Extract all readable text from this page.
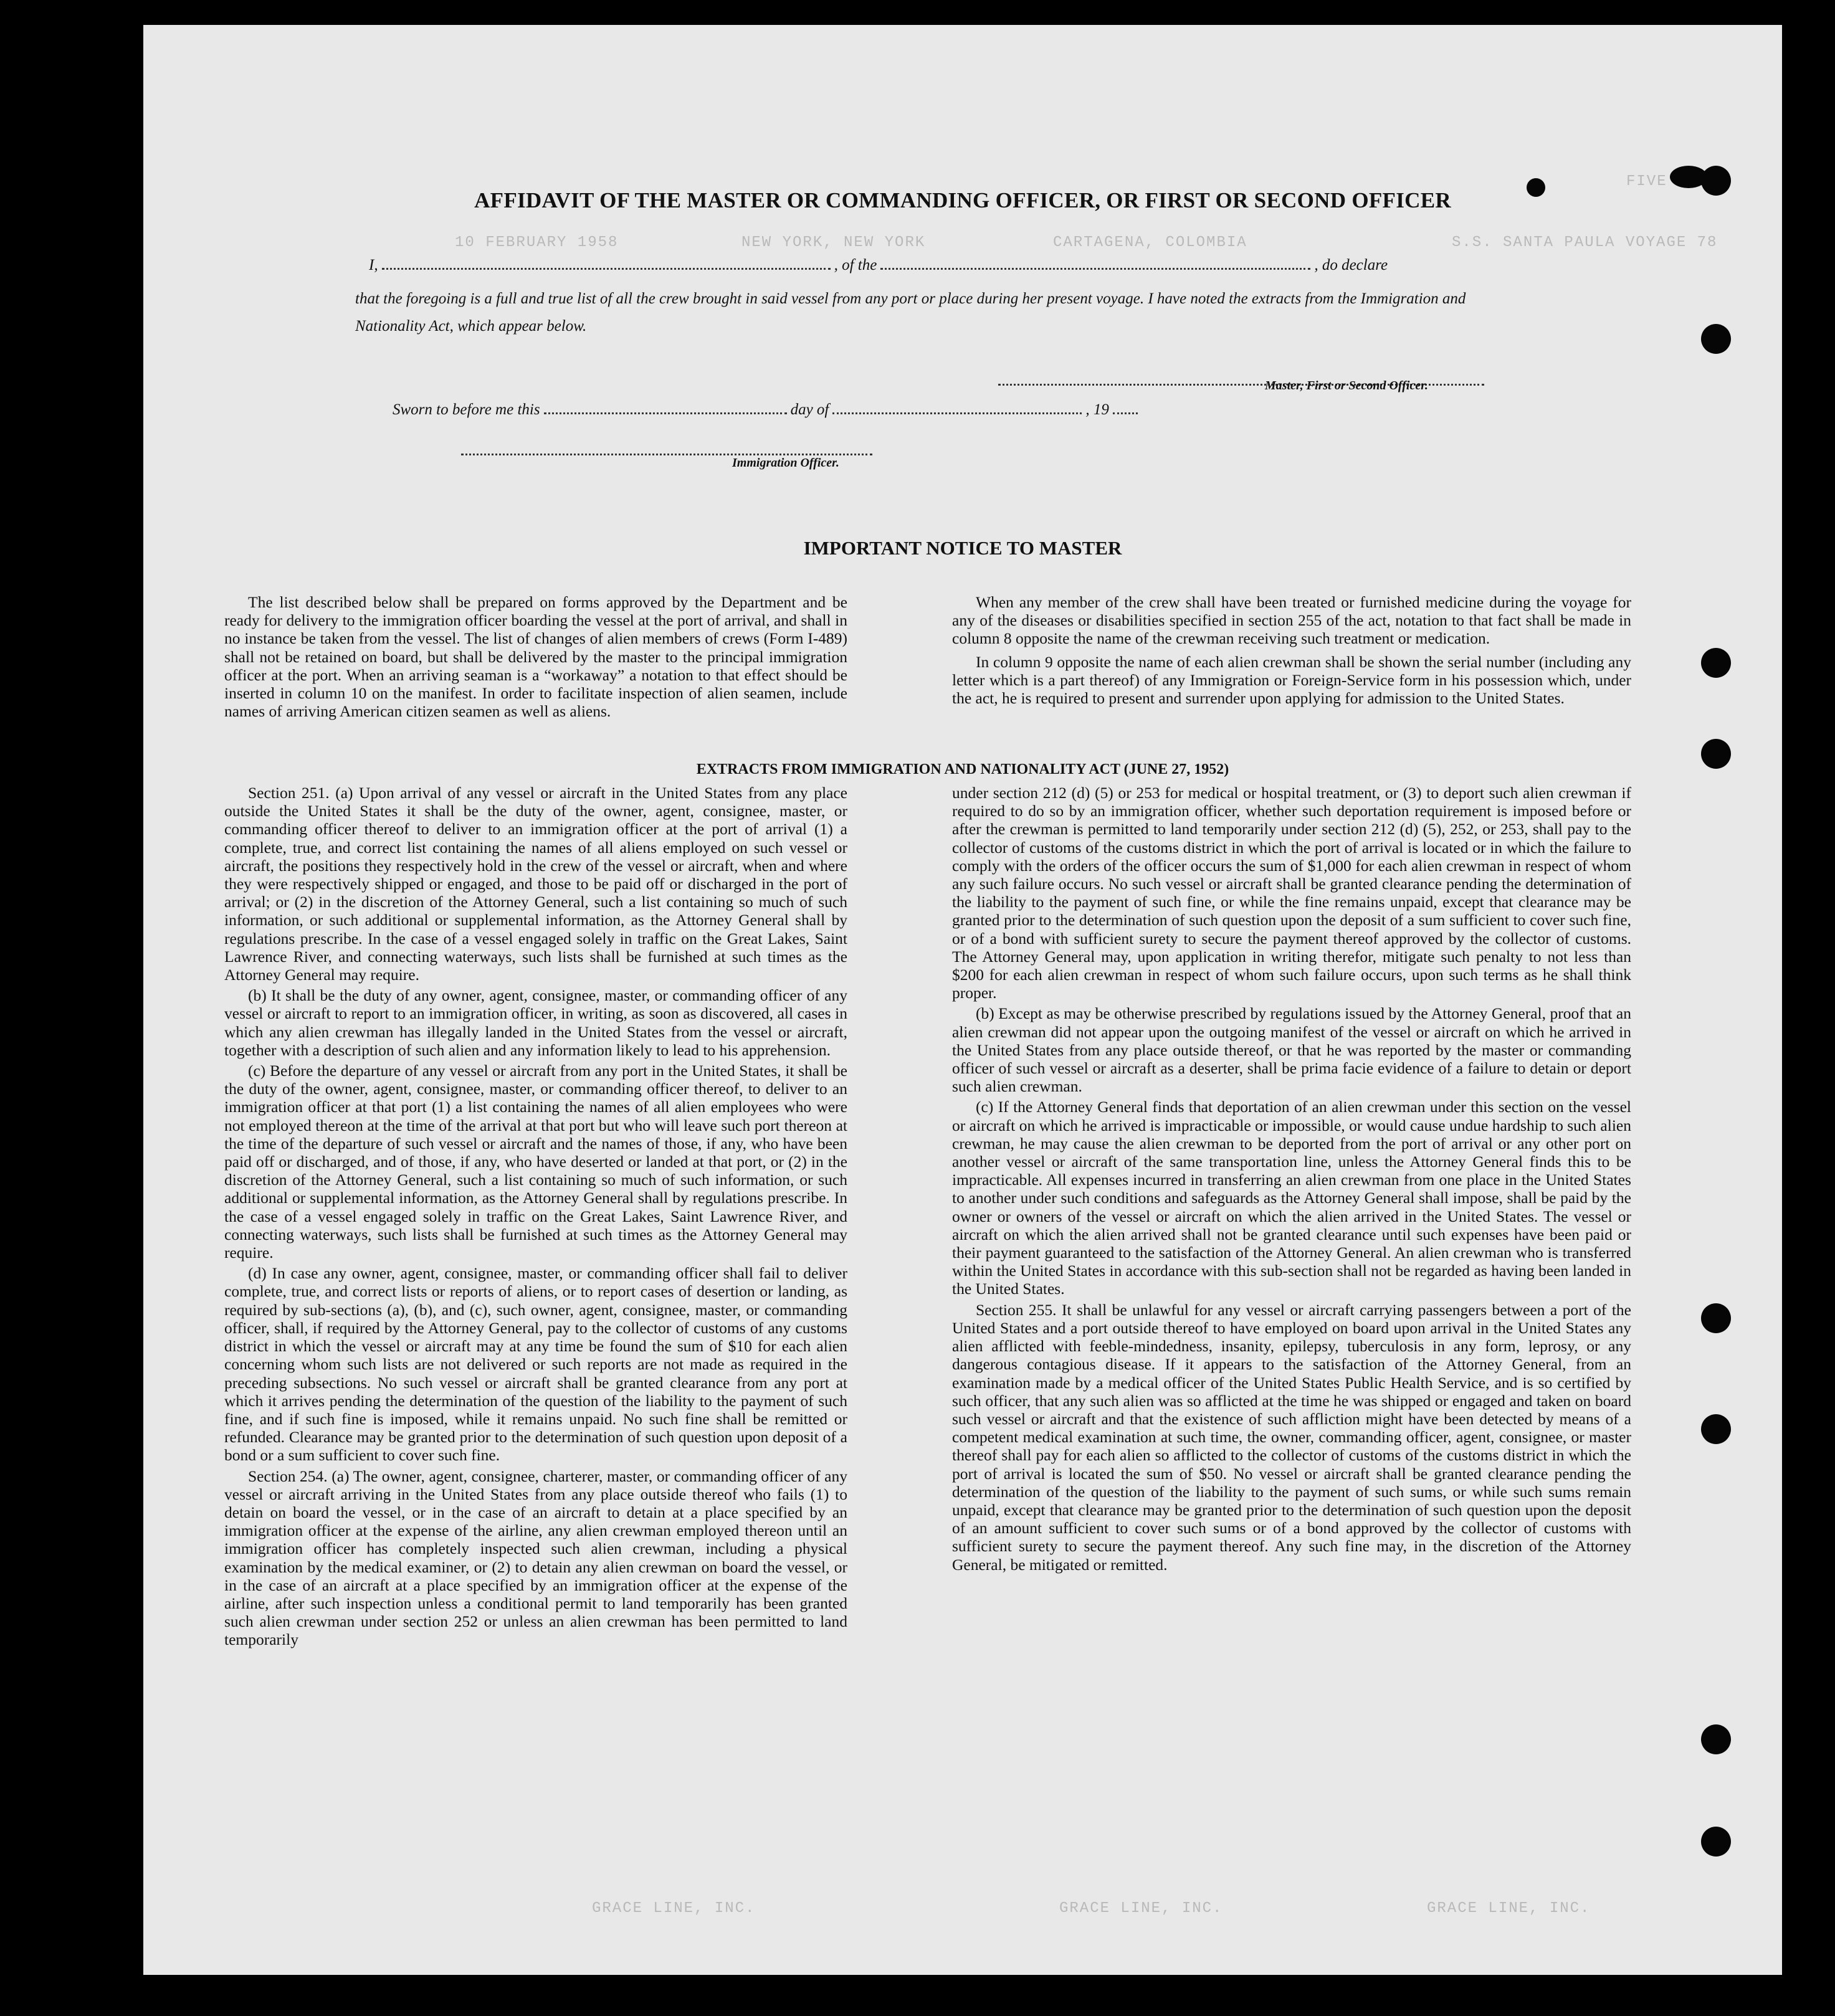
FIVE
S.S. SANTA PAULA VOYAGE 78
CARTAGENA, COLOMBIA
NEW YORK, NEW YORK
10 FEBRUARY 1958
GRACE LINE, INC.
GRACE LINE, INC.
GRACE LINE, INC.
AFFIDAVIT OF THE MASTER OR COMMANDING OFFICER, OR FIRST OR SECOND OFFICER
I,	, of the	, do declare
that the foregoing is a full and true list of all the crew brought in said vessel from any port or place during her present voyage. I have noted the extracts from the Immigration and Nationality Act, which appear below.
Master, First or Second Officer.
Sworn to before me this	day of	, 19
Immigration Officer.
IMPORTANT NOTICE TO MASTER

The list described below shall be prepared on forms approved by the Department and be ready for delivery to the immigration officer boarding the vessel at the port of arrival, and shall in no instance be taken from the vessel. The list of changes of alien members of crews (Form I-489) shall not be retained on board, but shall be delivered by the master to the principal immigration officer at the port. When an arriving seaman is a “workaway” a notation to that effect should be inserted in column 10 on the manifest. In order to facilitate inspection of alien seamen, include names of arriving American citizen seamen as well as aliens.

When any member of the crew shall have been treated or furnished medicine during the voyage for any of the diseases or disabilities specified in section 255 of the act, notation to that fact shall be made in column 8 opposite the name of the crewman receiving such treatment or medication.

In column 9 opposite the name of each alien crewman shall be shown the serial number (including any letter which is a part thereof) of any Immigration or Foreign-Service form in his possession which, under the act, he is required to present and surrender upon applying for admission to the United States.

EXTRACTS FROM IMMIGRATION AND NATIONALITY ACT (JUNE 27, 1952)

Section 251. (a) Upon arrival of any vessel or aircraft in the United States from any place outside the United States it shall be the duty of the owner, agent, consignee, master, or commanding officer thereof to deliver to an immigration officer at the port of arrival (1) a complete, true, and correct list containing the names of all aliens employed on such vessel or aircraft, the positions they respectively hold in the crew of the vessel or aircraft, when and where they were respectively shipped or engaged, and those to be paid off or discharged in the port of arrival; or (2) in the discretion of the Attorney General, such a list containing so much of such information, or such additional or supplemental information, as the Attorney General shall by regulations prescribe. In the case of a vessel engaged solely in traffic on the Great Lakes, Saint Lawrence River, and connecting waterways, such lists shall be furnished at such times as the Attorney General may require.

(b) It shall be the duty of any owner, agent, consignee, master, or commanding officer of any vessel or aircraft to report to an immigration officer, in writing, as soon as discovered, all cases in which any alien crewman has illegally landed in the United States from the vessel or aircraft, together with a description of such alien and any information likely to lead to his apprehension.

(c) Before the departure of any vessel or aircraft from any port in the United States, it shall be the duty of the owner, agent, consignee, master, or commanding officer thereof, to deliver to an immigration officer at that port (1) a list containing the names of all alien employees who were not employed thereon at the time of the arrival at that port but who will leave such port thereon at the time of the departure of such vessel or aircraft and the names of those, if any, who have been paid off or discharged, and of those, if any, who have deserted or landed at that port, or (2) in the discretion of the Attorney General, such a list containing so much of such information, or such additional or supplemental information, as the Attorney General shall by regulations prescribe. In the case of a vessel engaged solely in traffic on the Great Lakes, Saint Lawrence River, and connecting waterways, such lists shall be furnished at such times as the Attorney General may require.

(d) In case any owner, agent, consignee, master, or commanding officer shall fail to deliver complete, true, and correct lists or reports of aliens, or to report cases of desertion or landing, as required by sub-sections (a), (b), and (c), such owner, agent, consignee, master, or commanding officer, shall, if required by the Attorney General, pay to the collector of customs of any customs district in which the vessel or aircraft may at any time be found the sum of $10 for each alien concerning whom such lists are not delivered or such reports are not made as required in the preceding subsections. No such vessel or aircraft shall be granted clearance from any port at which it arrives pending the determination of the question of the liability to the payment of such fine, and if such fine is imposed, while it remains unpaid. No such fine shall be remitted or refunded. Clearance may be granted prior to the determination of such question upon deposit of a bond or a sum sufficient to cover such fine.

Section 254. (a) The owner, agent, consignee, charterer, master, or commanding officer of any vessel or aircraft arriving in the United States from any place outside thereof who fails (1) to detain on board the vessel, or in the case of an aircraft to detain at a place specified by an immigration officer at the expense of the airline, any alien crewman employed thereon until an immigration officer has completely inspected such alien crewman, including a physical examination by the medical examiner, or (2) to detain any alien crewman on board the vessel, or in the case of an aircraft at a place specified by an immigration officer at the expense of the airline, after such inspection unless a conditional permit to land temporarily has been granted such alien crewman under section 252 or unless an alien crewman has been permitted to land temporarily

under section 212 (d) (5) or 253 for medical or hospital treatment, or (3) to deport such alien crewman if required to do so by an immigration officer, whether such deportation requirement is imposed before or after the crewman is permitted to land temporarily under section 212 (d) (5), 252, or 253, shall pay to the collector of customs of the customs district in which the port of arrival is located or in which the failure to comply with the orders of the officer occurs the sum of $1,000 for each alien crewman in respect of whom any such failure occurs. No such vessel or aircraft shall be granted clearance pending the determination of the liability to the payment of such fine, or while the fine remains unpaid, except that clearance may be granted prior to the determination of such question upon the deposit of a sum sufficient to cover such fine, or of a bond with sufficient surety to secure the payment thereof approved by the collector of customs. The Attorney General may, upon application in writing therefor, mitigate such penalty to not less than $200 for each alien crewman in respect of whom such failure occurs, upon such terms as he shall think proper.

(b) Except as may be otherwise prescribed by regulations issued by the Attorney General, proof that an alien crewman did not appear upon the outgoing manifest of the vessel or aircraft on which he arrived in the United States from any place outside thereof, or that he was reported by the master or commanding officer of such vessel or aircraft as a deserter, shall be prima facie evidence of a failure to detain or deport such alien crewman.

(c) If the Attorney General finds that deportation of an alien crewman under this section on the vessel or aircraft on which he arrived is impracticable or impossible, or would cause undue hardship to such alien crewman, he may cause the alien crewman to be deported from the port of arrival or any other port on another vessel or aircraft of the same transportation line, unless the Attorney General finds this to be impracticable. All expenses incurred in transferring an alien crewman from one place in the United States to another under such conditions and safeguards as the Attorney General shall impose, shall be paid by the owner or owners of the vessel or aircraft on which the alien arrived in the United States. The vessel or aircraft on which the alien arrived shall not be granted clearance until such expenses have been paid or their payment guaranteed to the satisfaction of the Attorney General. An alien crewman who is transferred within the United States in accordance with this sub-section shall not be regarded as having been landed in the United States.

Section 255. It shall be unlawful for any vessel or aircraft carrying passengers between a port of the United States and a port outside thereof to have employed on board upon arrival in the United States any alien afflicted with feeble-mindedness, insanity, epilepsy, tuberculosis in any form, leprosy, or any dangerous contagious disease. If it appears to the satisfaction of the Attorney General, from an examination made by a medical officer of the United States Public Health Service, and is so certified by such officer, that any such alien was so afflicted at the time he was shipped or engaged and taken on board such vessel or aircraft and that the existence of such affliction might have been detected by means of a competent medical examination at such time, the owner, commanding officer, agent, consignee, or master thereof shall pay for each alien so afflicted to the collector of customs of the customs district in which the port of arrival is located the sum of $50. No vessel or aircraft shall be granted clearance pending the determination of the question of the liability to the payment of such sums, or while such sums remain unpaid, except that clearance may be granted prior to the determination of such question upon the deposit of an amount sufficient to cover such sums or of a bond approved by the collector of customs with sufficient surety to secure the payment thereof. Any such fine may, in the discretion of the Attorney General, be mitigated or remitted.
